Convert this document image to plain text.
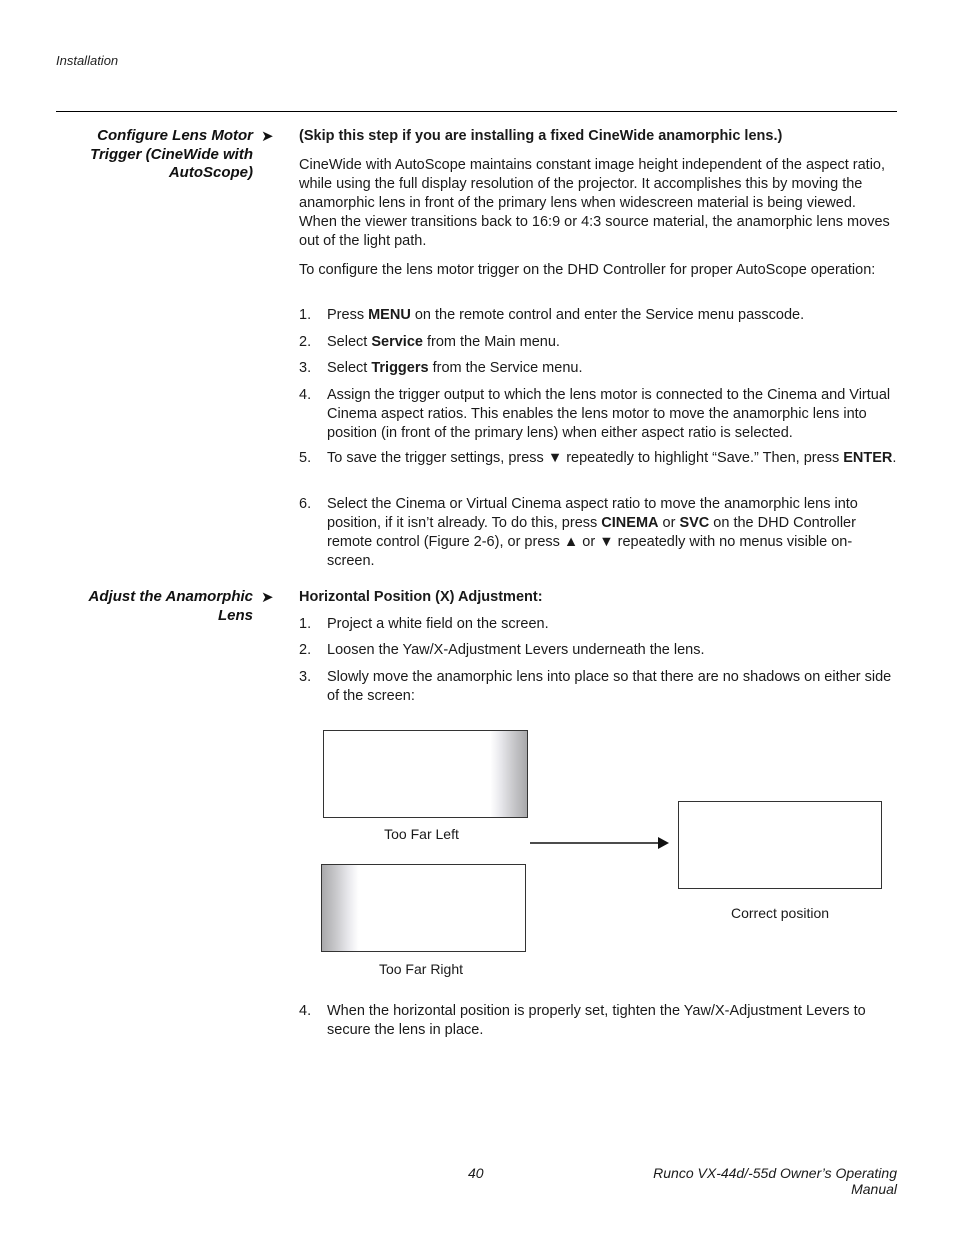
Installation
Configure Lens Motor
Trigger (CineWide with
AutoScope)
➤ (Skip this step if you are installing a fixed CineWide anamorphic lens.)
CineWide with AutoScope maintains constant image height independent of the aspect ratio, while using the full display resolution of the projector. It accomplishes this by moving the anamorphic lens in front of the primary lens when widescreen material is being viewed. When the viewer transitions back to 16:9 or 4:3 source material, the anamorphic lens moves out of the light path.
To configure the lens motor trigger on the DHD Controller for proper AutoScope operation:
1. Press MENU on the remote control and enter the Service menu passcode.
2. Select Service from the Main menu.
3. Select Triggers from the Service menu.
4. Assign the trigger output to which the lens motor is connected to the Cinema and Virtual Cinema aspect ratios. This enables the lens motor to move the anamorphic lens into position (in front of the primary lens) when either aspect ratio is selected.
5. To save the trigger settings, press ▼ repeatedly to highlight “Save.” Then, press ENTER.
6. Select the Cinema or Virtual Cinema aspect ratio to move the anamorphic lens into position, if it isn’t already. To do this, press CINEMA or SVC on the DHD Controller remote control (Figure 2-6), or press ▲ or ▼ repeatedly with no menus visible on-screen.
Adjust the Anamorphic
Lens
➤ Horizontal Position (X) Adjustment:
1. Project a white field on the screen.
2. Loosen the Yaw/X-Adjustment Levers underneath the lens.
3. Slowly move the anamorphic lens into place so that there are no shadows on either side of the screen:
Too Far Left
Too Far Right
Correct position
4. When the horizontal position is properly set, tighten the Yaw/X-Adjustment Levers to secure the lens in place.
40	Runco VX-44d/-55d Owner’s Operating Manual
